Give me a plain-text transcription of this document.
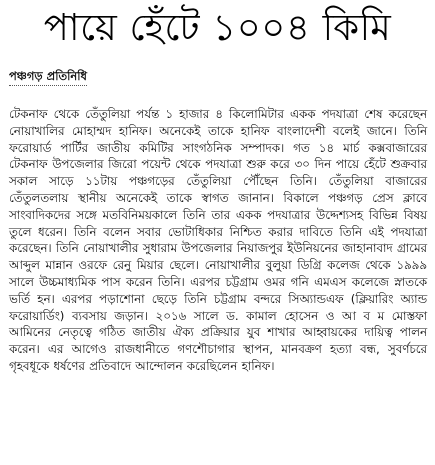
পায়ে হেঁটে ১০০৪ কিমি

পঞ্চগড় প্রতিনিধি

টেকনাফ থেকে তেঁতুলিয়া পর্যন্ত ১ হাজার ৪ কিলোমিটার একক পদযাত্রা শেষ করেছেন নোয়াখালির মোহাম্মদ হানিফ। অনেকেই তাকে হানিফ বাংলাদেশী বলেই জানে। তিনি ফরোয়ার্ড পার্টির জাতীয় কমিটির সাংগঠনিক সম্পাদক। গত ১৪ মার্চ কক্সবাজারের টেকনাফ উপজেলার জিরো পয়েন্ট থেকে পদযাত্রা শুরু করে ৩০ দিন পায়ে হেঁটে শুক্রবার সকাল সাড়ে ১১টায় পঞ্চগড়ের তেঁতুলিয়া পৌঁছেন তিনি। তেঁতুলিয়া বাজারের তেঁতুলতলায় স্থানীয় অনেকেই তাকে স্বাগত জানান। বিকালে পঞ্চগড় প্রেস ক্লাবে সাংবাদিকদের সঙ্গে মতবিনিময়কালে তিনি তার একক পদযাত্রার উদ্দেশ্যসহ বিভিন্ন বিষয় তুলে ধরেন। তিনি বলেন সবার ভোটাধিকার নিশ্চিত করার দাবিতে তিনি এই পদযাত্রা করেছেন। তিনি নোয়াখালীর সুধারাম উপজেলার নিয়াজপুর ইউনিয়নের জাহানাবাদ গ্রামের আব্দুল মান্নান ওরফে রেনু মিয়ার ছেলে। নোয়াখালীর বুলুয়া ডিগ্রি কলেজ থেকে ১৯৯৯ সালে উচ্চমাধ্যমিক পাস করেন তিনি। এরপর চট্টগ্রাম ওমর গনি এমএস কলেজে স্নাতকে ভর্তি হন। এরপর পড়াশোনা ছেড়ে তিনি চট্টগ্রাম বন্দরে সিঅ্যান্ডএফ (ক্লিয়ারিং অ্যান্ড ফরোয়ার্ডিং) ব্যবসায় জড়ান। ২০১৬ সালে ড. কামাল হোসেন ও আ ব ম মোস্তফা আমিনের নেতৃত্বে গঠিত জাতীয় ঐক্য প্রক্রিয়ার যুব শাখার আহ্বায়কের দায়িত্ব পালন করেন। এর আগেও রাজধানীতে গণশৌচাগার স্থাপন, মানবক্রণ হত্যা বন্ধ, সুবর্ণচরে গৃহবধূকে ধর্ষণের প্রতিবাদে আন্দোলন করেছিলেন হানিফ।
